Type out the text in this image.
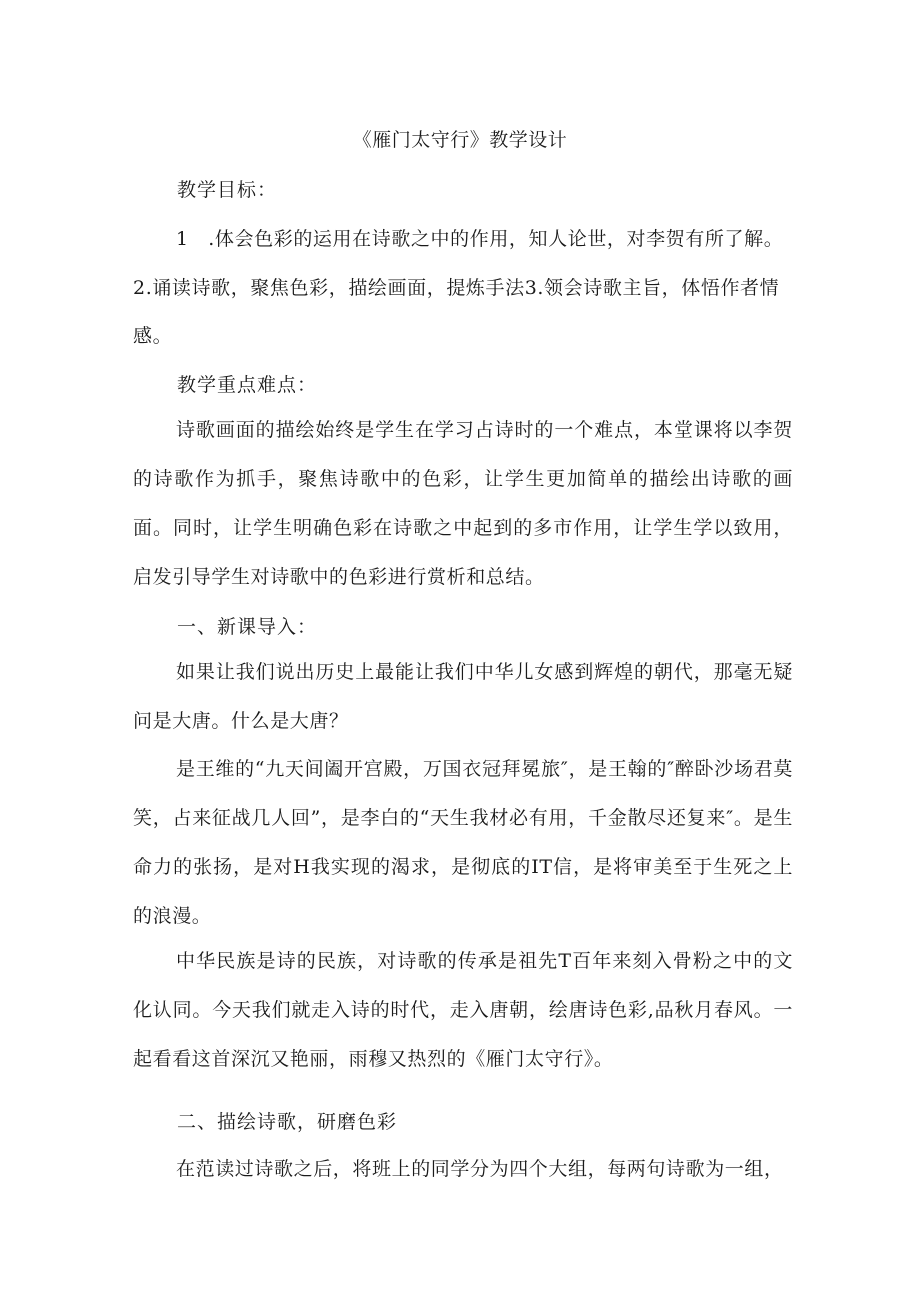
《雁门太守行》教学设计
教学目标：
1　.体会色彩的运用在诗歌之中的作用，知人论世，对李贺有所了解。
2.诵读诗歌，聚焦色彩，描绘画面，提炼手法3.领会诗歌主旨，体悟作者情
感。
教学重点难点：
诗歌画面的描绘始终是学生在学习占诗时的一个难点，本堂课将以李贺的诗歌作为抓手，聚焦诗歌中的色彩，让学生更加简单的描绘出诗歌的画面。同时，让学生明确色彩在诗歌之中起到的多市作用，让学生学以致用，启发引导学生对诗歌中的色彩进行赏析和总结。
一、新课导入：
如果让我们说出历史上最能让我们中华儿女感到辉煌的朝代，那毫无疑问是大唐。什么是大唐？
是王维的“九天间阖开宫殿，万国衣冠拜冕旅″，是王翰的″醉卧沙场君莫笑，占来征战几人回”，是李白的“天生我材必有用，千金散尽还复来″。是生命力的张扬，是对H我实现的渴求，是彻底的IT信，是将审美至于生死之上的浪漫。
中华民族是诗的民族，对诗歌的传承是祖先T百年来刻入骨粉之中的文化认同。今天我们就走入诗的时代，走入唐朝，绘唐诗色彩,品秋月春风。一起看看这首深沉又艳丽，雨穆又热烈的《雁门太守行》。
二、描绘诗歌，研磨色彩
在范读过诗歌之后，将班上的同学分为四个大组，每两句诗歌为一组，
